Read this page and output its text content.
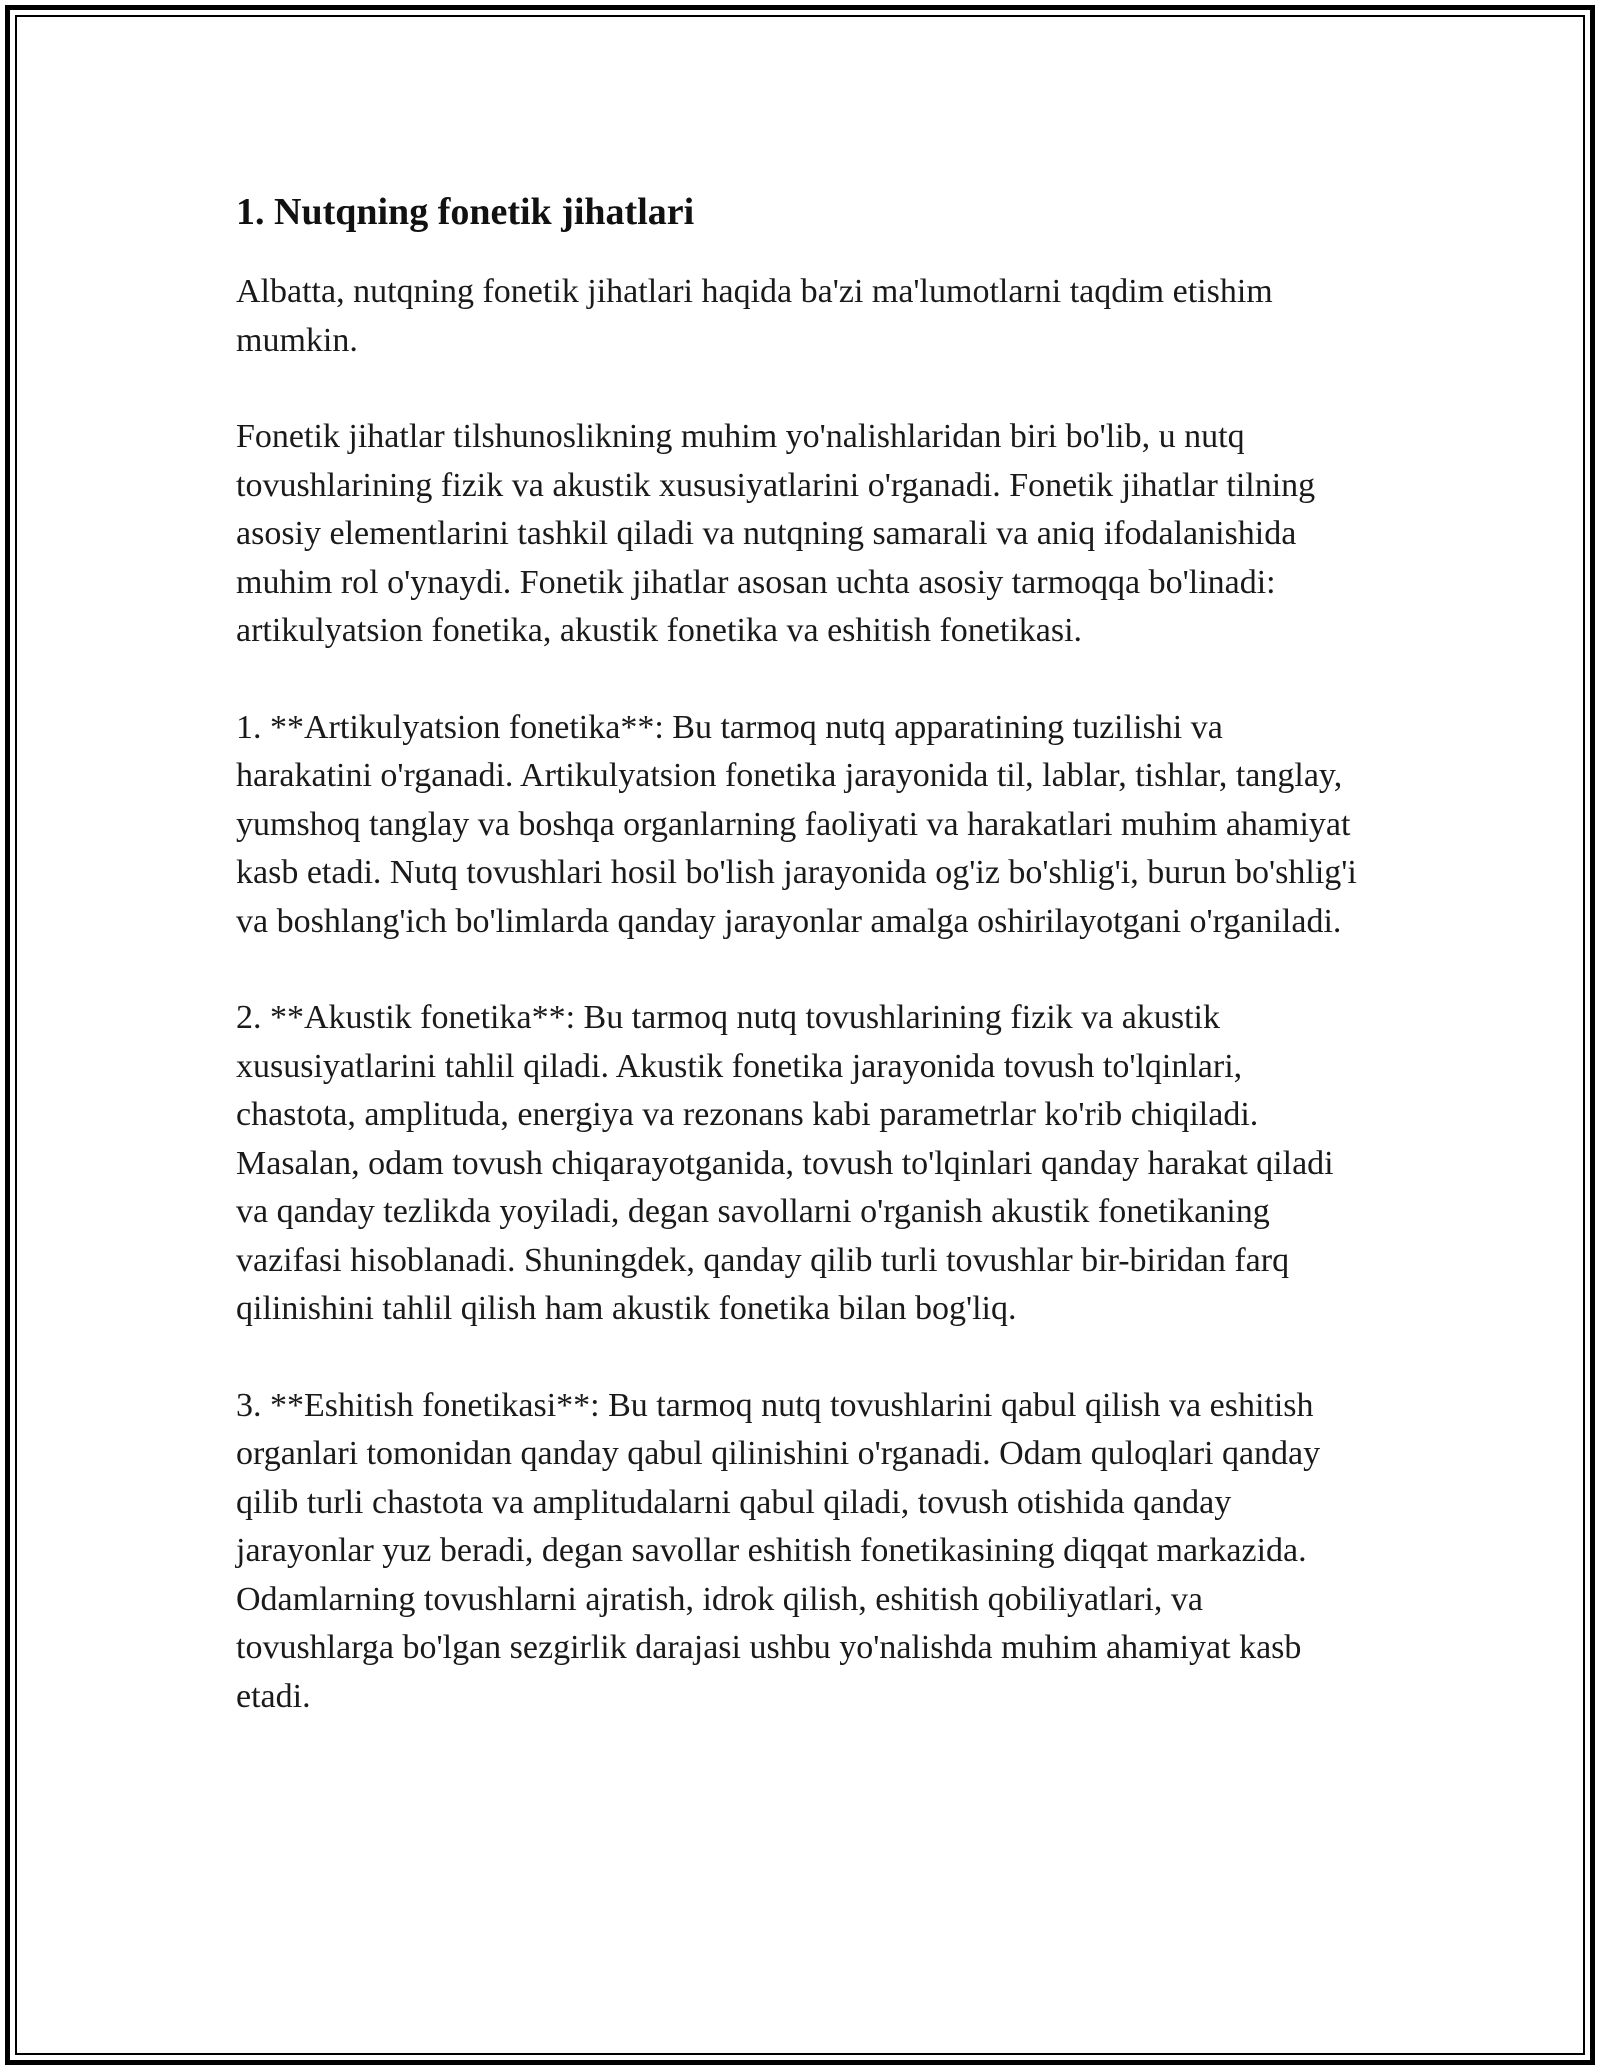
1. Nutqning fonetik jihatlari

Albatta, nutqning fonetik jihatlari haqida ba'zi ma'lumotlarni taqdim etishim mumkin.

Fonetik jihatlar tilshunoslikning muhim yo'nalishlaridan biri bo'lib, u nutq tovushlarining fizik va akustik xususiyatlarini o'rganadi. Fonetik jihatlar tilning asosiy elementlarini tashkil qiladi va nutqning samarali va aniq ifodalanishida muhim rol o'ynaydi. Fonetik jihatlar asosan uchta asosiy tarmoqqa bo'linadi: artikulyatsion fonetika, akustik fonetika va eshitish fonetikasi.

1. **Artikulyatsion fonetika**: Bu tarmoq nutq apparatining tuzilishi va harakatini o'rganadi. Artikulyatsion fonetika jarayonida til, lablar, tishlar, tanglay, yumshoq tanglay va boshqa organlarning faoliyati va harakatlari muhim ahamiyat kasb etadi. Nutq tovushlari hosil bo'lish jarayonida og'iz bo'shlig'i, burun bo'shlig'i va boshlang'ich bo'limlarda qanday jarayonlar amalga oshirilayotgani o'rganiladi.

2. **Akustik fonetika**: Bu tarmoq nutq tovushlarining fizik va akustik xususiyatlarini tahlil qiladi. Akustik fonetika jarayonida tovush to'lqinlari, chastota, amplituda, energiya va rezonans kabi parametrlar ko'rib chiqiladi. Masalan, odam tovush chiqarayotganida, tovush to'lqinlari qanday harakat qiladi va qanday tezlikda yoyiladi, degan savollarni o'rganish akustik fonetikaning vazifasi hisoblanadi. Shuningdek, qanday qilib turli tovushlar bir-biridan farq qilinishini tahlil qilish ham akustik fonetika bilan bog'liq.

3. **Eshitish fonetikasi**: Bu tarmoq nutq tovushlarini qabul qilish va eshitish organlari tomonidan qanday qabul qilinishini o'rganadi. Odam quloqlari qanday qilib turli chastota va amplitudalarni qabul qiladi, tovush otishida qanday jarayonlar yuz beradi, degan savollar eshitish fonetikasining diqqat markazida. Odamlarning tovushlarni ajratish, idrok qilish, eshitish qobiliyatlari, va tovushlarga bo'lgan sezgirlik darajasi ushbu yo'nalishda muhim ahamiyat kasb etadi.
